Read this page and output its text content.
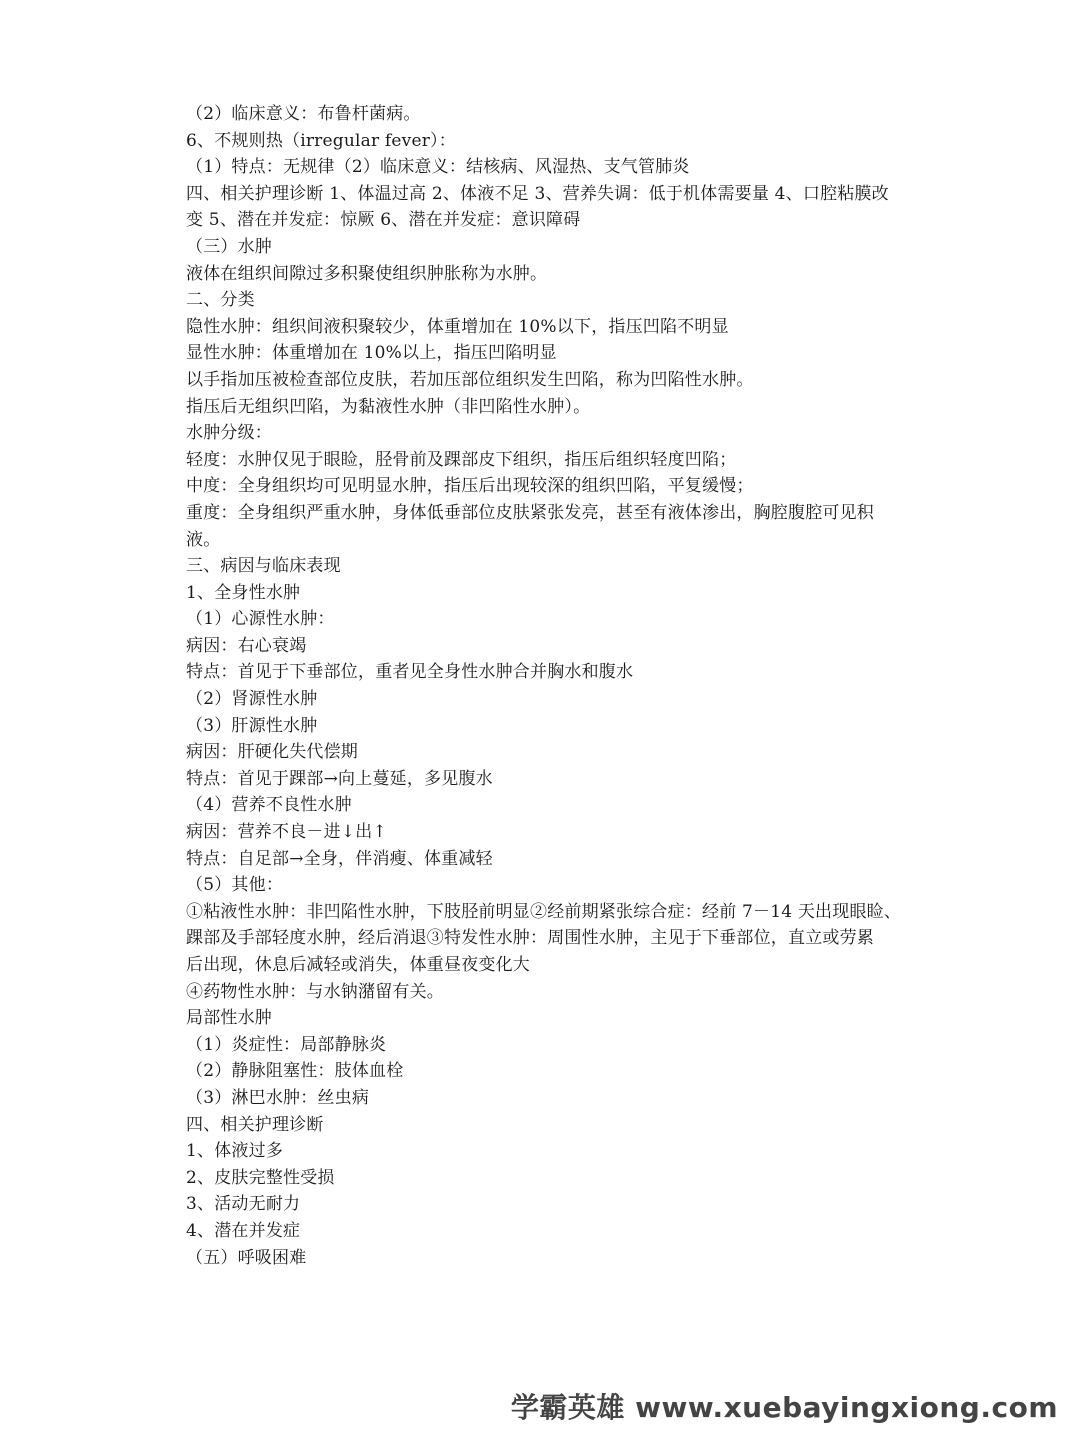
（2）临床意义：布鲁杆菌病。
6、不规则热（irregular fever）：
（1）特点：无规律（2）临床意义：结核病、风湿热、支气管肺炎
四、相关护理诊断 1、体温过高 2、体液不足 3、营养失调：低于机体需要量 4、口腔粘膜改
变 5、潜在并发症：惊厥 6、潜在并发症：意识障碍
（三）水肿
液体在组织间隙过多积聚使组织肿胀称为水肿。
二、分类
隐性水肿：组织间液积聚较少，体重增加在 10%以下，指压凹陷不明显
显性水肿：体重增加在 10%以上，指压凹陷明显
以手指加压被检查部位皮肤，若加压部位组织发生凹陷，称为凹陷性水肿。
指压后无组织凹陷，为黏液性水肿（非凹陷性水肿）。
水肿分级：
轻度：水肿仅见于眼睑，胫骨前及踝部皮下组织，指压后组织轻度凹陷；
中度：全身组织均可见明显水肿，指压后出现较深的组织凹陷，平复缓慢；
重度：全身组织严重水肿，身体低垂部位皮肤紧张发亮，甚至有液体渗出，胸腔腹腔可见积
液。
三、病因与临床表现
1、全身性水肿
（1）心源性水肿：
病因：右心衰竭
特点：首见于下垂部位，重者见全身性水肿合并胸水和腹水
（2）肾源性水肿
（3）肝源性水肿
病因：肝硬化失代偿期
特点：首见于踝部→向上蔓延，多见腹水
（4）营养不良性水肿
病因：营养不良－进↓出↑
特点：自足部→全身，伴消瘦、体重减轻
（5）其他：
①粘液性水肿：非凹陷性水肿，下肢胫前明显②经前期紧张综合症：经前 7－14 天出现眼睑、
踝部及手部轻度水肿，经后消退③特发性水肿：周围性水肿，主见于下垂部位，直立或劳累
后出现，休息后减轻或消失，体重昼夜变化大
④药物性水肿：与水钠潴留有关。
局部性水肿
（1）炎症性：局部静脉炎
（2）静脉阻塞性：肢体血栓
（3）淋巴水肿：丝虫病
四、相关护理诊断
1、体液过多
2、皮肤完整性受损
3、活动无耐力
4、潜在并发症
（五）呼吸困难
学霸英雄 www.xuebayingxiong.com
